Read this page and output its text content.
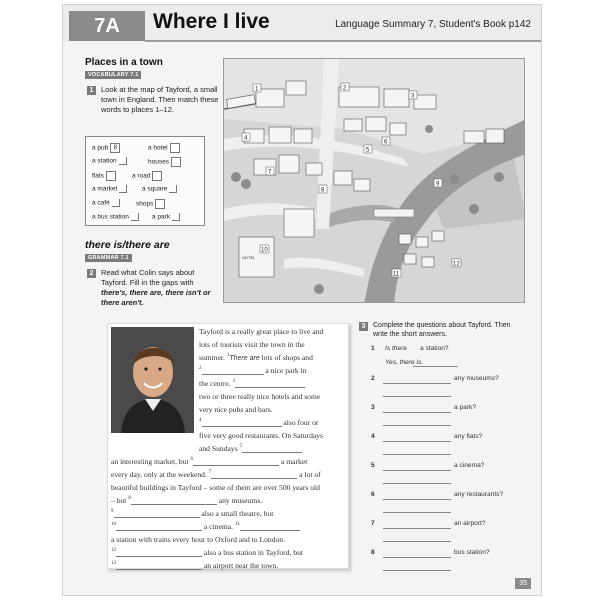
7A	Where I live	Language Summary 7, Student's Book p142
Places in a town
VOCABULARY 7.1
1	Look at the map of Tayford, a small town in England. Then match these words to places 1–12.
a pub 8	a hotel
a station	houses
flats	a road
a market	a square
a café	shops
a bus station	a park
there is/there are
GRAMMAR 7.1
2	Read what Colin says about Tayford. Fill in the gaps with there's, there are, there isn't or there aren't.
HOTEL
1	2
3
4
5
6
7
8
9
10
11
12
Tayford is a really great place to live and
lots of tourists visit the town in the
summer. $^1$There are lots of shops and
$^2$	a nice park in
the centre. $^3$
two or three really nice hotels and some
very nice pubs and bars.
$^4$	also four or
five very good restaurants. On Saturdays
and Sundays $^5$
an interesting market, but $^6$	a market
every day, only at the weekend. $^7$	a lot of
beautiful buildings in Tayford – some of them are over 500 years old
– but $^8$	any museums.
$^9$	also a small theatre, but
$^{10}$	a cinema. $^{11}$
a station with trains every hour to Oxford and to London.
$^{12}$	also a bus station in Tayford, but
$^{13}$	an airport near the town.
3	Complete the questions about Tayford. Then write the short answers.
1 Is there a station?
Yes, there is.
2	any museums?
3	a park?
4	any flats?
5	a cinema?
6	any restaurants?
7	an airport?
8	bus station?
35
